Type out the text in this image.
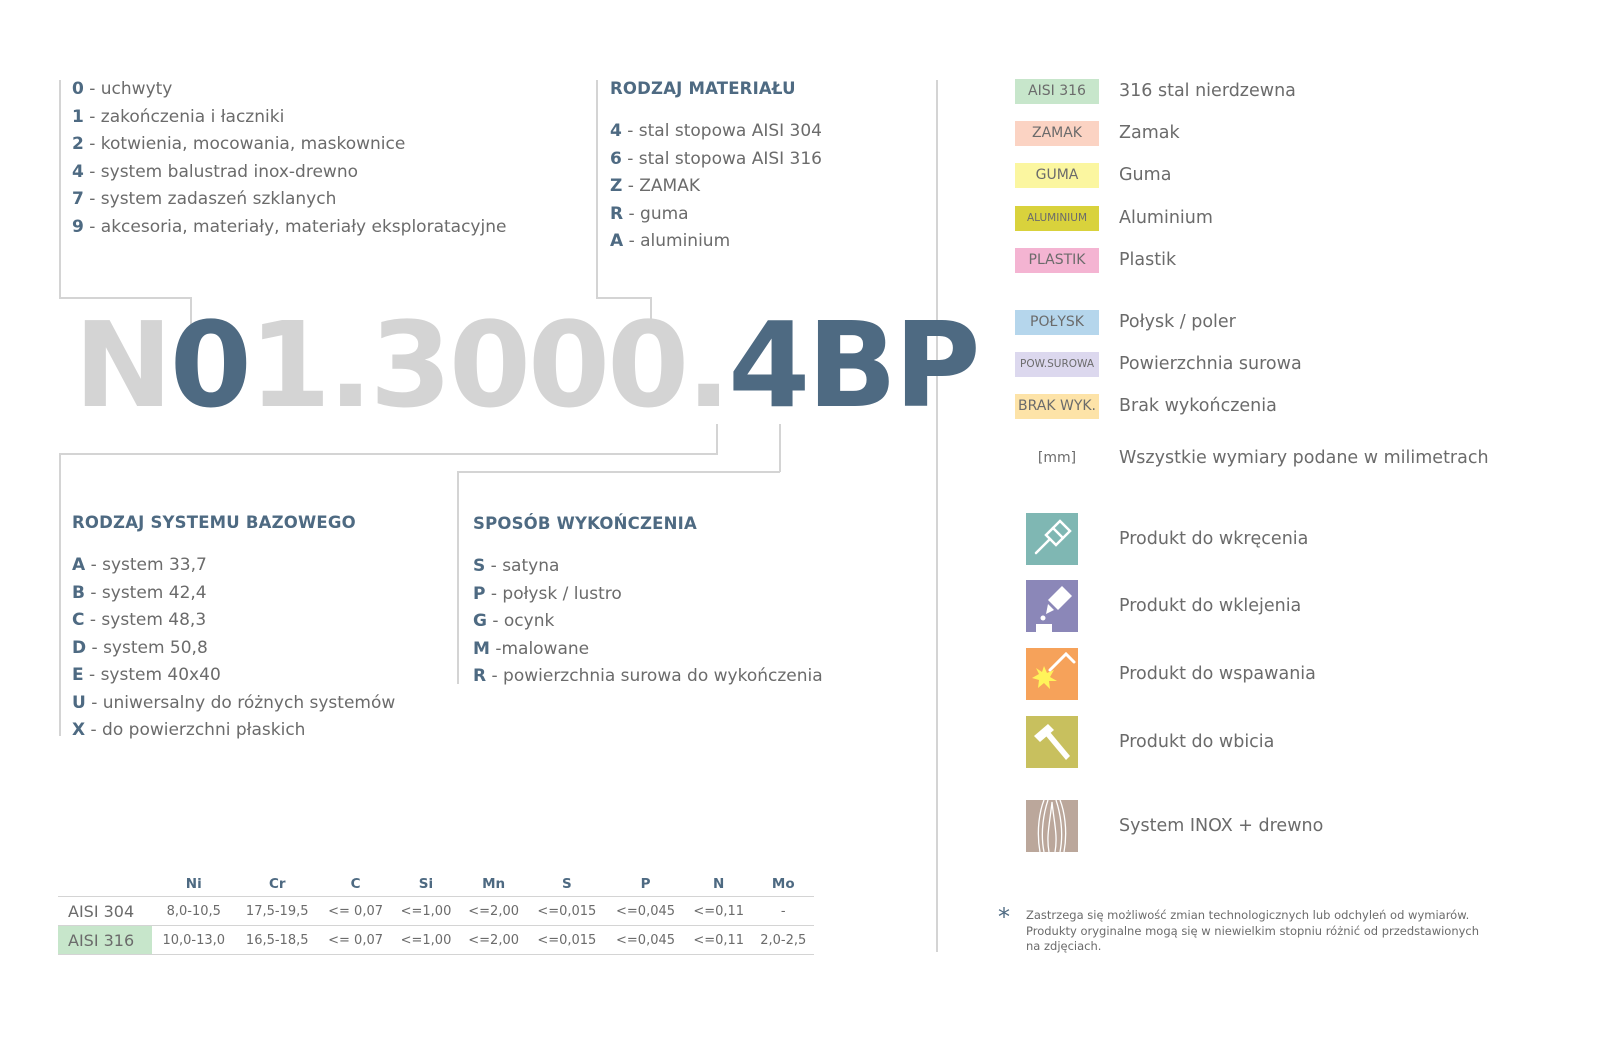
0 - uchwyty
1 - zakończenia i łaczniki
2 - kotwienia, mocowania, maskownice
4 - system balustrad inox-drewno
7 - system zadaszeń szklanych
9 - akcesoria, materiały, materiały eksploratacyjne
RODZAJ MATERIAŁU
4 - stal stopowa AISI 304
6 - stal stopowa AISI 316
Z - ZAMAK
R - guma
A - aluminium
N01.3000.4BP
RODZAJ SYSTEMU BAZOWEGO
A - system 33,7
B - system 42,4
C - system 48,3
D - system 50,8
E - system 40x40
U - uniwersalny do różnych systemów
X - do powierzchni płaskich
SPOSÓB WYKOŃCZENIA
S - satyna
P - połysk / lustro
G - ocynk
M -malowane
R - powierzchnia surowa do wykończenia
	Ni	Cr	C	Si	Mn	S	P	N	Mo
AISI 304	8,0-10,5	17,5-19,5	<= 0,07	<=1,00	<=2,00	<=0,015	<=0,045	<=0,11	-
AISI 316	10,0-13,0	16,5-18,5	<= 0,07	<=1,00	<=2,00	<=0,015	<=0,045	<=0,11	2,0-2,5
AISI 316	316 stal nierdzewna
ZAMAK	Zamak
GUMA	Guma
ALUMINIUM	Aluminium
PLASTIK	Plastik
POŁYSK	Połysk / poler
POW.SUROWA Powierzchnia surowa
BRAK WYK. Brak wykończenia
[mm]	Wszystkie wymiary podane w milimetrach
Produkt do wkręcenia
Produkt do wklejenia
Produkt do wspawania
Produkt do wbicia
System INOX + drewno
* Zastrzega się możliwość zmian technologicznych lub odchyleń od wymiarów.
Produkty oryginalne mogą się w niewielkim stopniu różnić od przedstawionych
na zdjęciach.
